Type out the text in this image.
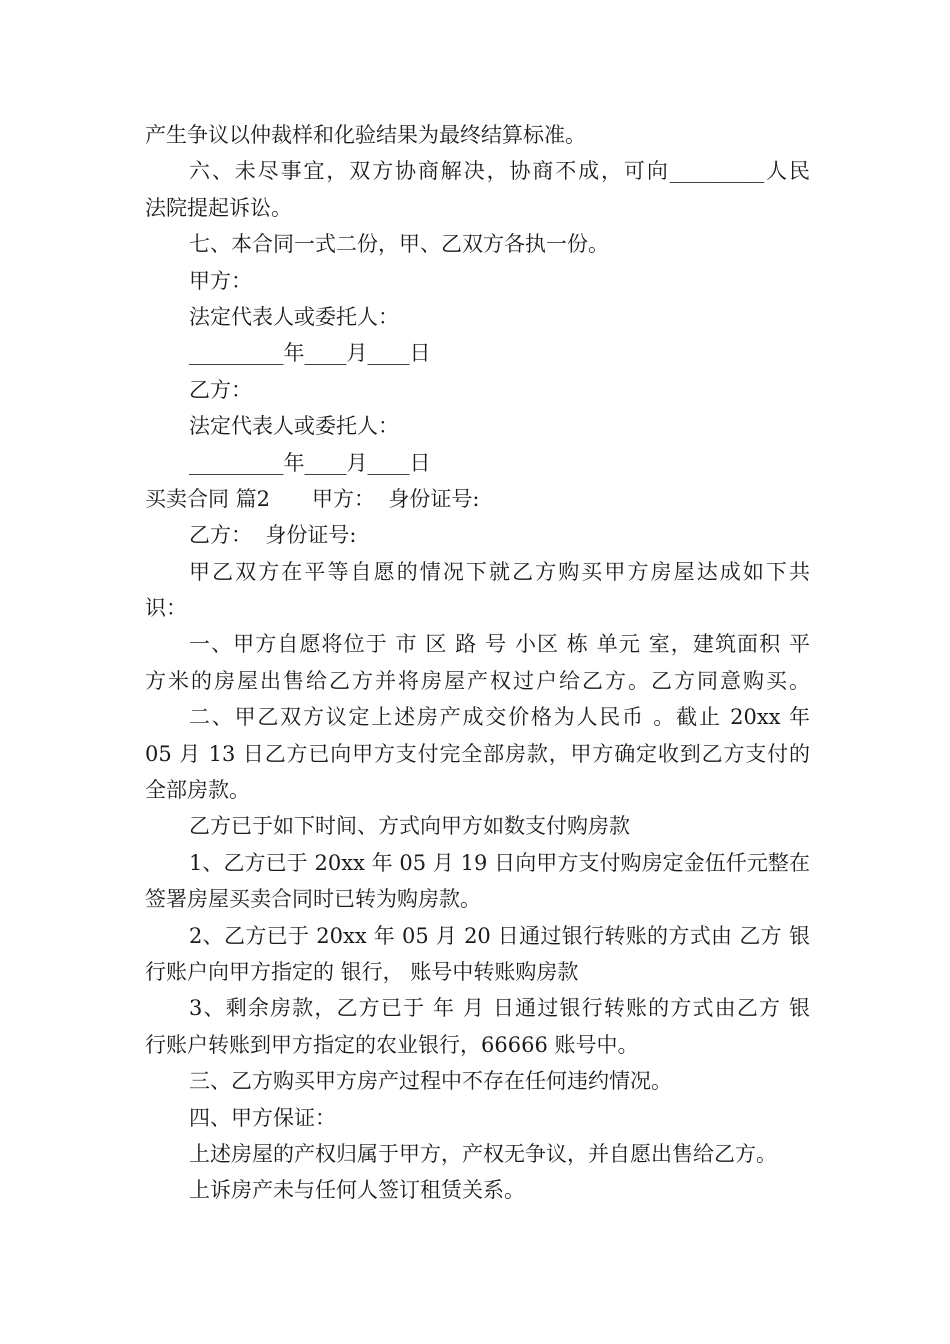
产生争议以仲裁样和化验结果为最终结算标准。
六、未尽事宜，双方协商解决，协商不成，可向_________人民
法院提起诉讼。
七、本合同一式二份，甲、乙双方各执一份。
甲方：
法定代表人或委托人：
_________年____月____日
乙方：
法定代表人或委托人：
_________年____月____日
买卖合同 篇2　　甲方：  身份证号:
乙方：  身份证号:
甲乙双方在平等自愿的情况下就乙方购买甲方房屋达成如下共
识：
一、甲方自愿将位于 市 区 路 号 小区 栋 单元 室，建筑面积 平
方米的房屋出售给乙方并将房屋产权过户给乙方。乙方同意购买。
二、甲乙双方议定上述房产成交价格为人民币 。截止 20xx 年
05 月 13 日乙方已向甲方支付完全部房款，甲方确定收到乙方支付的
全部房款。
乙方已于如下时间、方式向甲方如数支付购房款
1、乙方已于 20xx 年 05 月 19 日向甲方支付购房定金伍仟元整在
签署房屋买卖合同时已转为购房款。
2、乙方已于 20xx 年 05 月 20 日通过银行转账的方式由 乙方 银
行账户向甲方指定的 银行， 账号中转账购房款
3、剩余房款，乙方已于 年 月 日通过银行转账的方式由乙方 银
行账户转账到甲方指定的农业银行，66666 账号中。
三、乙方购买甲方房产过程中不存在任何违约情况。
四、甲方保证：
上述房屋的产权归属于甲方，产权无争议，并自愿出售给乙方。
上诉房产未与任何人签订租赁关系。
